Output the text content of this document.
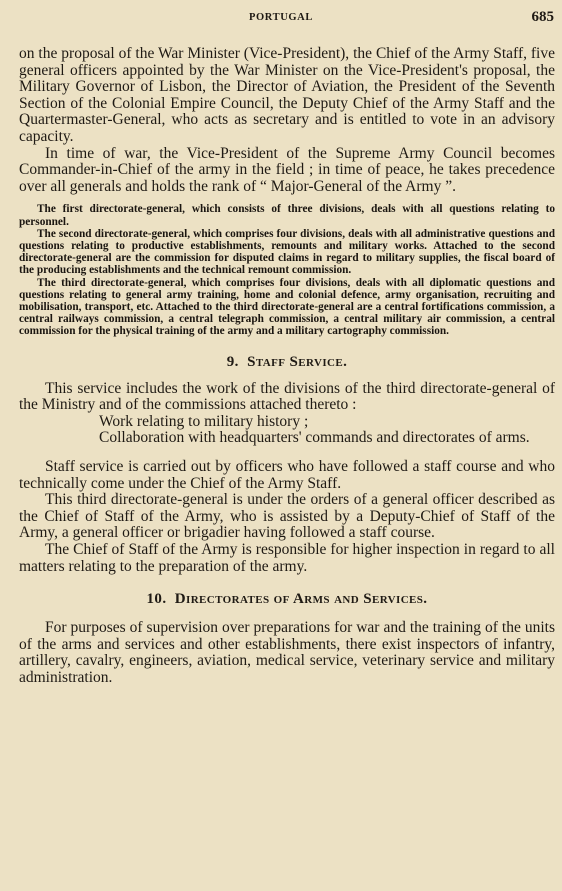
PORTUGAL	685

on the proposal of the War Minister (Vice-President), the Chief of the Army Staff, five general officers appointed by the War Minister on the Vice-President's proposal, the Military Governor of Lisbon, the Director of Aviation, the President of the Seventh Section of the Colonial Empire Council, the Deputy Chief of the Army Staff and the Quartermaster-General, who acts as secretary and is entitled to vote in an advisory capacity.

In time of war, the Vice-President of the Supreme Army Council becomes Commander-in-Chief of the army in the field ; in time of peace, he takes precedence over all generals and holds the rank of “ Major-General of the Army ”.

The first directorate-general, which consists of three divisions, deals with all questions relating to personnel.

The second directorate-general, which comprises four divisions, deals with all administrative questions and questions relating to productive establishments, remounts and military works. Attached to the second directorate-general are the commission for disputed claims in regard to military supplies, the fiscal board of the producing establishments and the technical remount commission.

The third directorate-general, which comprises four divisions, deals with all diplomatic questions and questions relating to general army training, home and colonial defence, army organisation, recruiting and mobilisation, transport, etc. Attached to the third directorate-general are a central fortifications commission, a central railways commission, a central telegraph commission, a central military air commission, a central commission for the physical training of the army and a military cartography commission.

9. Staff Service.

This service includes the work of the divisions of the third directorate-general of the Ministry and of the commissions attached thereto :

Work relating to military history ;

Collaboration with headquarters' commands and directorates of arms.

Staff service is carried out by officers who have followed a staff course and who technically come under the Chief of the Army Staff.

This third directorate-general is under the orders of a general officer described as the Chief of Staff of the Army, who is assisted by a Deputy-Chief of Staff of the Army, a general officer or brigadier having followed a staff course.

The Chief of Staff of the Army is responsible for higher inspection in regard to all matters relating to the preparation of the army.

10. Directorates of Arms and Services.

For purposes of supervision over preparations for war and the training of the units of the arms and services and other establishments, there exist inspectors of infantry, artillery, cavalry, engineers, aviation, medical service, veterinary service and military administration.
